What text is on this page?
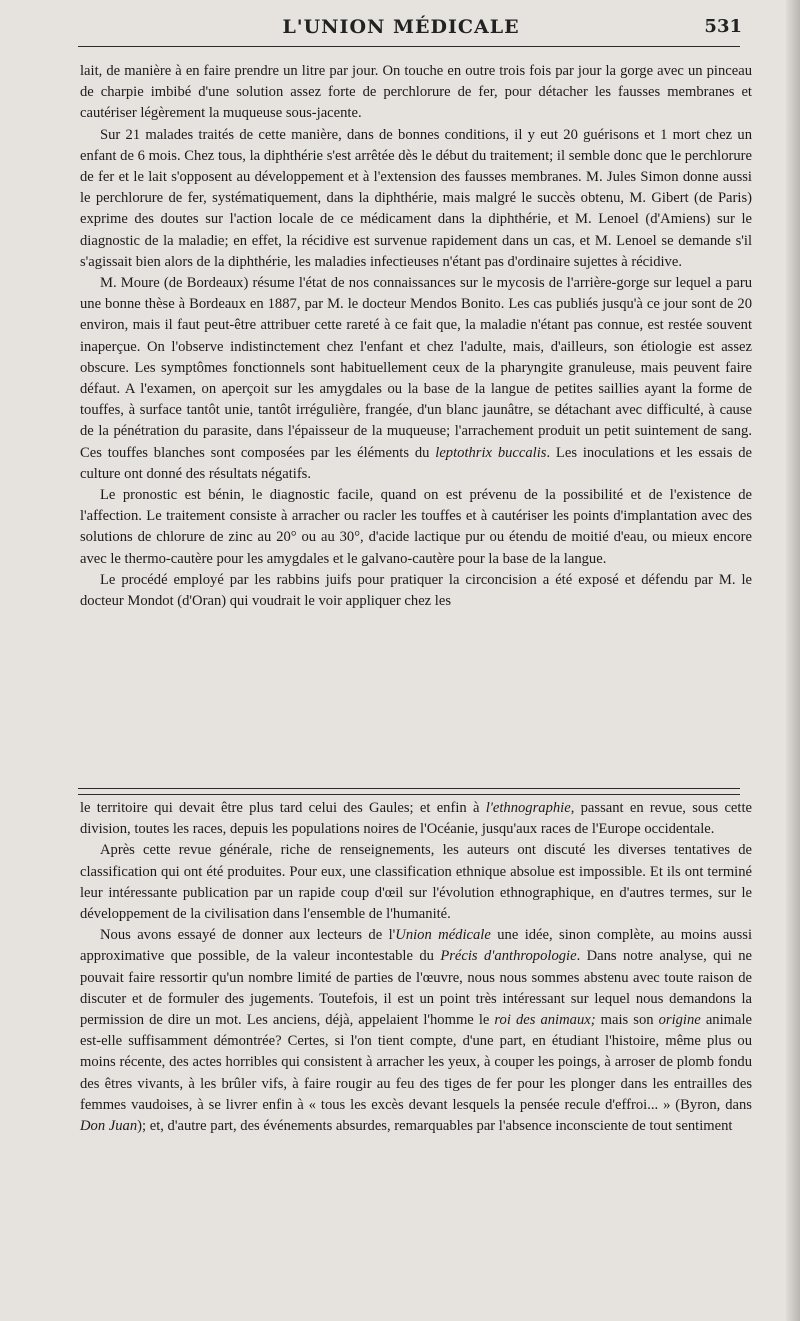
L'UNION MÉDICALE	531

lait, de manière à en faire prendre un litre par jour. On touche en outre trois fois par jour la gorge avec un pinceau de charpie imbibé d'une solution assez forte de perchlorure de fer, pour détacher les fausses membranes et cautériser légèrement la muqueuse sous-jacente.

Sur 21 malades traités de cette manière, dans de bonnes conditions, il y eut 20 guérisons et 1 mort chez un enfant de 6 mois. Chez tous, la diphthérie s'est arrêtée dès le début du traitement; il semble donc que le perchlorure de fer et le lait s'opposent au développement et à l'extension des fausses membranes. M. Jules Simon donne aussi le perchlorure de fer, systématiquement, dans la diphthérie, mais malgré le succès obtenu, M. Gibert (de Paris) exprime des doutes sur l'action locale de ce médicament dans la diphthérie, et M. Lenoel (d'Amiens) sur le diagnostic de la maladie; en effet, la récidive est survenue rapidement dans un cas, et M. Lenoel se demande s'il s'agissait bien alors de la diphthérie, les maladies infectieuses n'étant pas d'ordinaire sujettes à récidive.

M. Moure (de Bordeaux) résume l'état de nos connaissances sur le mycosis de l'arrière-gorge sur lequel a paru une bonne thèse à Bordeaux en 1887, par M. le docteur Mendos Bonito. Les cas publiés jusqu'à ce jour sont de 20 environ, mais il faut peut-être attribuer cette rareté à ce fait que, la maladie n'étant pas connue, est restée souvent inaperçue. On l'observe indistinctement chez l'enfant et chez l'adulte, mais, d'ailleurs, son étiologie est assez obscure. Les symptômes fonctionnels sont habituellement ceux de la pharyngite granuleuse, mais peuvent faire défaut. A l'examen, on aperçoit sur les amygdales ou la base de la langue de petites saillies ayant la forme de touffes, à surface tantôt unie, tantôt irrégulière, frangée, d'un blanc jaunâtre, se détachant avec difficulté, à cause de la pénétration du parasite, dans l'épaisseur de la muqueuse; l'arrachement produit un petit suintement de sang. Ces touffes blanches sont composées par les éléments du leptothrix buccalis. Les inoculations et les essais de culture ont donné des résultats négatifs.

Le pronostic est bénin, le diagnostic facile, quand on est prévenu de la possibilité et de l'existence de l'affection. Le traitement consiste à arracher ou racler les touffes et à cautériser les points d'implantation avec des solutions de chlorure de zinc au 20° ou au 30°, d'acide lactique pur ou étendu de moitié d'eau, ou mieux encore avec le thermo-cautère pour les amygdales et le galvano-cautère pour la base de la langue.

Le procédé employé par les rabbins juifs pour pratiquer la circoncision a été exposé et défendu par M. le docteur Mondot (d'Oran) qui voudrait le voir appliquer chez les

le territoire qui devait être plus tard celui des Gaules; et enfin à l'ethnographie, passant en revue, sous cette division, toutes les races, depuis les populations noires de l'Océanie, jusqu'aux races de l'Europe occidentale.

Après cette revue générale, riche de renseignements, les auteurs ont discuté les diverses tentatives de classification qui ont été produites. Pour eux, une classification ethnique absolue est impossible. Et ils ont terminé leur intéressante publication par un rapide coup d'œil sur l'évolution ethnographique, en d'autres termes, sur le développement de la civilisation dans l'ensemble de l'humanité.

Nous avons essayé de donner aux lecteurs de l'Union médicale une idée, sinon complète, au moins aussi approximative que possible, de la valeur incontestable du Précis d'anthropologie. Dans notre analyse, qui ne pouvait faire ressortir qu'un nombre limité de parties de l'œuvre, nous nous sommes abstenu avec toute raison de discuter et de formuler des jugements. Toutefois, il est un point très intéressant sur lequel nous demandons la permission de dire un mot. Les anciens, déjà, appelaient l'homme le roi des animaux; mais son origine animale est-elle suffisamment démontrée? Certes, si l'on tient compte, d'une part, en étudiant l'histoire, même plus ou moins récente, des actes horribles qui consistent à arracher les yeux, à couper les poings, à arroser de plomb fondu des êtres vivants, à les brûler vifs, à faire rougir au feu des tiges de fer pour les plonger dans les entrailles des femmes vaudoises, à se livrer enfin à « tous les excès devant lesquels la pensée recule d'effroi... » (Byron, dans Don Juan); et, d'autre part, des événements absurdes, remarquables par l'absence inconsciente de tout sentiment
